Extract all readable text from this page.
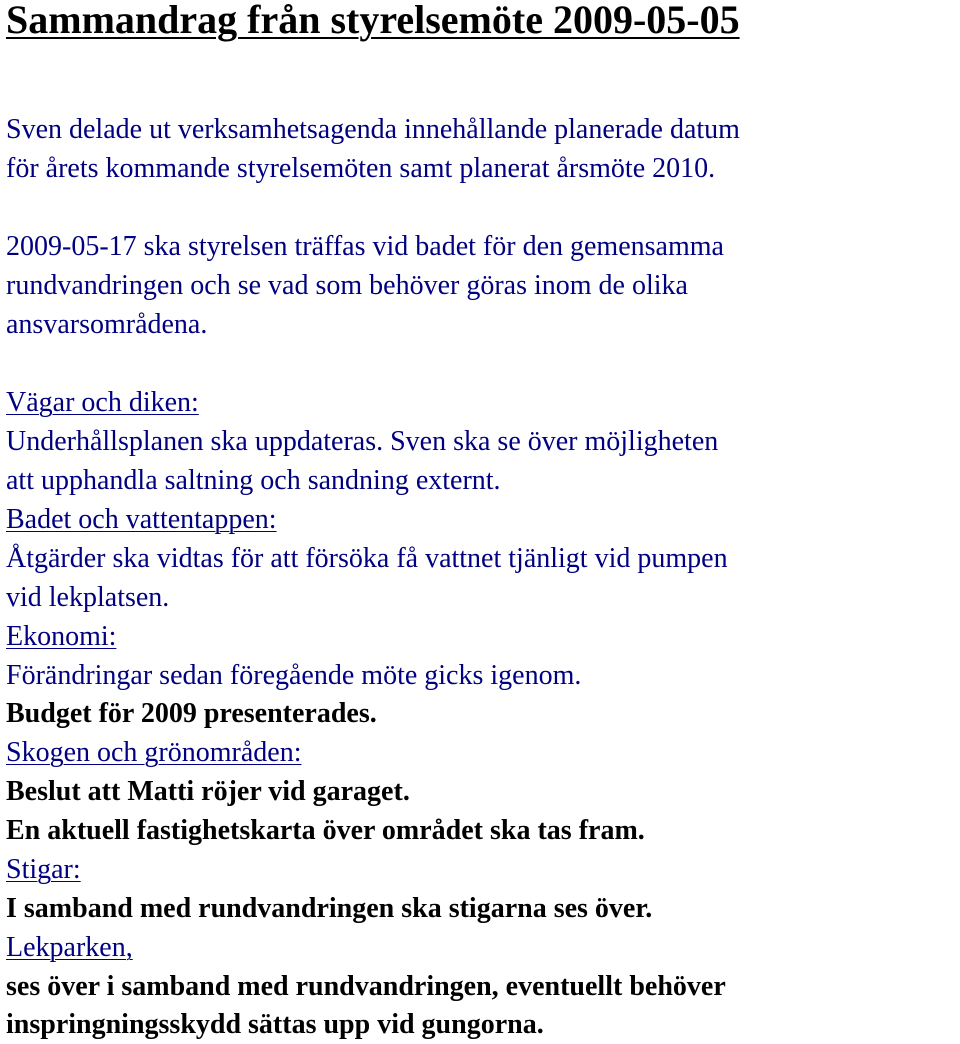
Sammandrag från styrelsemöte 2009-05-05
Sven delade ut verksamhetsagenda innehållande planerade datum
för årets kommande styrelsemöten samt planerat årsmöte 2010.
2009-05-17 ska styrelsen träffas vid badet för den gemensamma
rundvandringen och se vad som behöver göras inom de olika
ansvarsområdena.
Vägar och diken:
Underhållsplanen ska uppdateras. Sven ska se över möjligheten
att upphandla saltning och sandning externt.
Badet och vattentappen:
Åtgärder ska vidtas för att försöka få vattnet tjänligt vid pumpen
vid lekplatsen.
Ekonomi:
Förändringar sedan föregående möte gicks igenom.
Budget för 2009 presenterades.
Skogen och grönområden:
Beslut att Matti röjer vid garaget.
En aktuell fastighetskarta över området ska tas fram.
Stigar:
I samband med rundvandringen ska stigarna ses över.
Lekparken,
ses över i samband med rundvandringen, eventuellt behöver
inspringningsskydd sättas upp vid gungorna.
